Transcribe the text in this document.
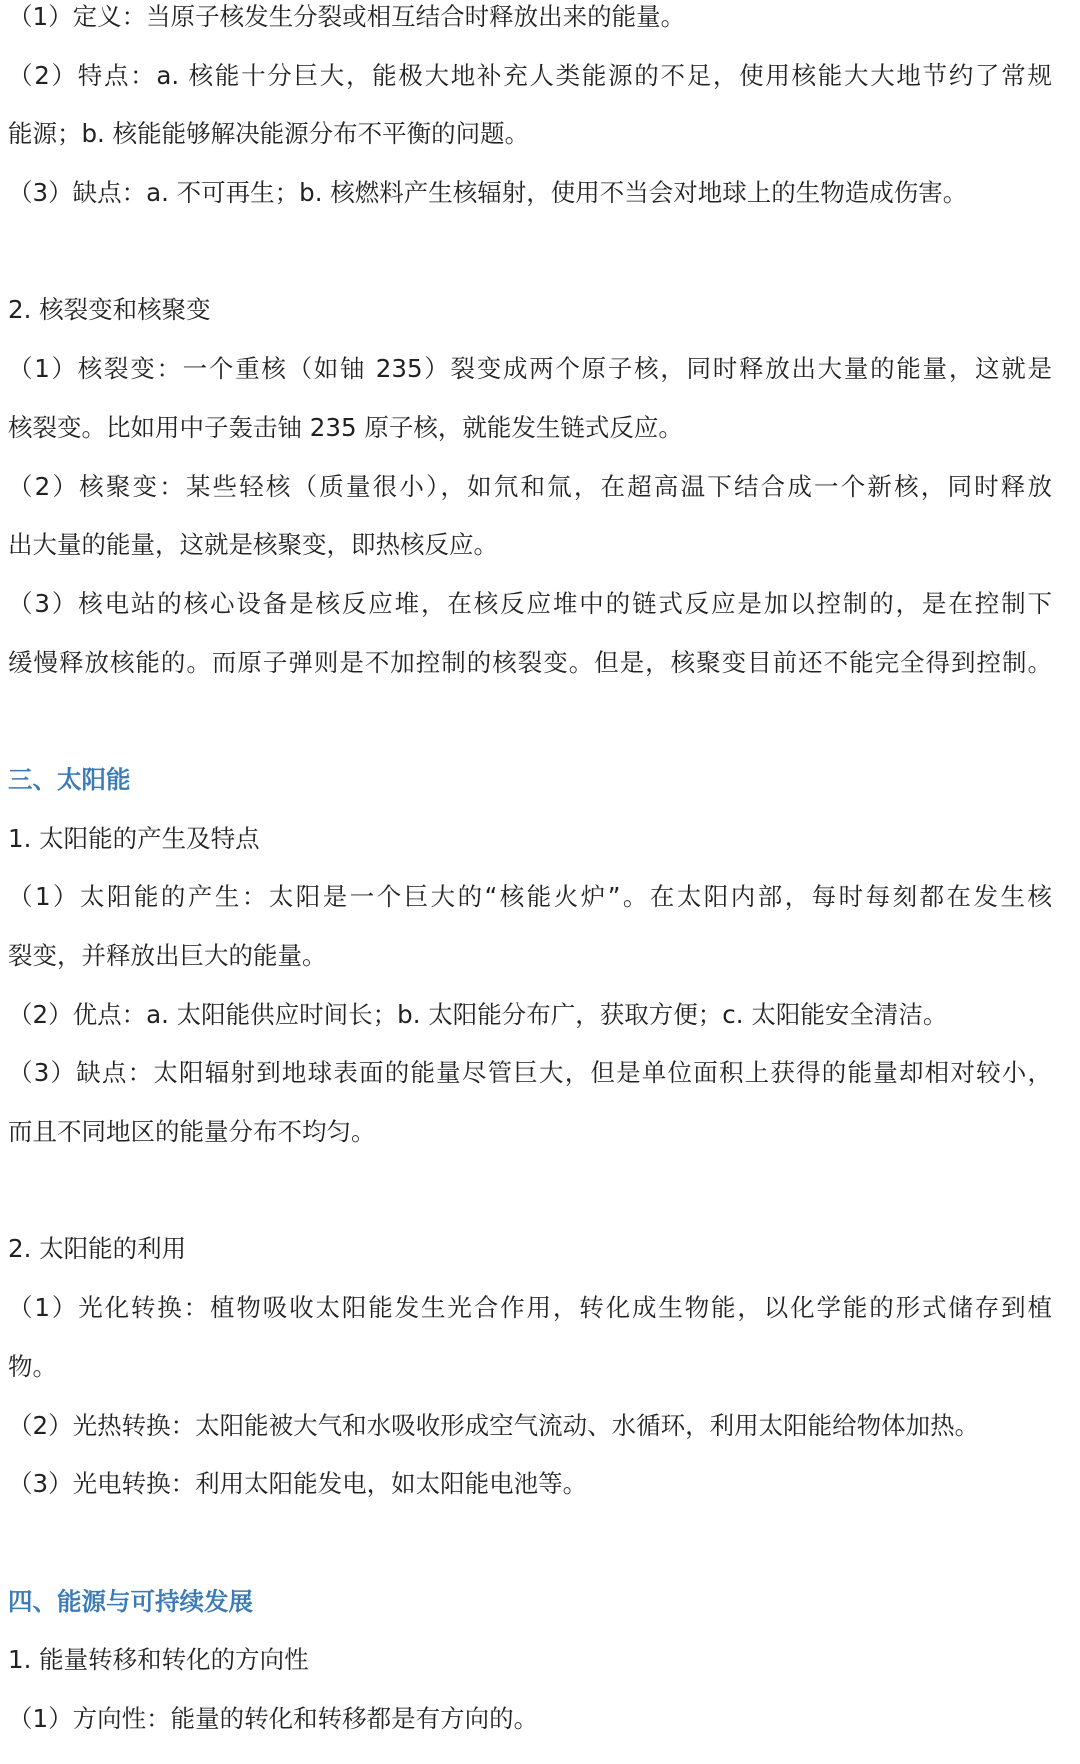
（1）定义：当原子核发生分裂或相互结合时释放出来的能量。
（2）特点：a. 核能十分巨大，能极大地补充人类能源的不足，使用核能大大地节约了常规
能源；b. 核能能够解决能源分布不平衡的问题。
（3）缺点：a. 不可再生；b. 核燃料产生核辐射，使用不当会对地球上的生物造成伤害。
2. 核裂变和核聚变
（1）核裂变：一个重核（如铀 235）裂变成两个原子核，同时释放出大量的能量，这就是
核裂变。比如用中子轰击铀 235 原子核，就能发生链式反应。
（2）核聚变：某些轻核（质量很小），如氘和氚，在超高温下结合成一个新核，同时释放
出大量的能量，这就是核聚变，即热核反应。
（3）核电站的核心设备是核反应堆，在核反应堆中的链式反应是加以控制的，是在控制下
缓慢释放核能的。而原子弹则是不加控制的核裂变。但是，核聚变目前还不能完全得到控制。
三、太阳能
1. 太阳能的产生及特点
（1）太阳能的产生：太阳是一个巨大的“核能火炉”。在太阳内部，每时每刻都在发生核
裂变，并释放出巨大的能量。
（2）优点：a. 太阳能供应时间长；b. 太阳能分布广，获取方便；c. 太阳能安全清洁。
（3）缺点：太阳辐射到地球表面的能量尽管巨大，但是单位面积上获得的能量却相对较小，
而且不同地区的能量分布不均匀。
2. 太阳能的利用
（1）光化转换：植物吸收太阳能发生光合作用，转化成生物能，以化学能的形式储存到植
物。
（2）光热转换：太阳能被大气和水吸收形成空气流动、水循环，利用太阳能给物体加热。
（3）光电转换：利用太阳能发电，如太阳能电池等。
四、能源与可持续发展
1. 能量转移和转化的方向性
（1）方向性：能量的转化和转移都是有方向的。
